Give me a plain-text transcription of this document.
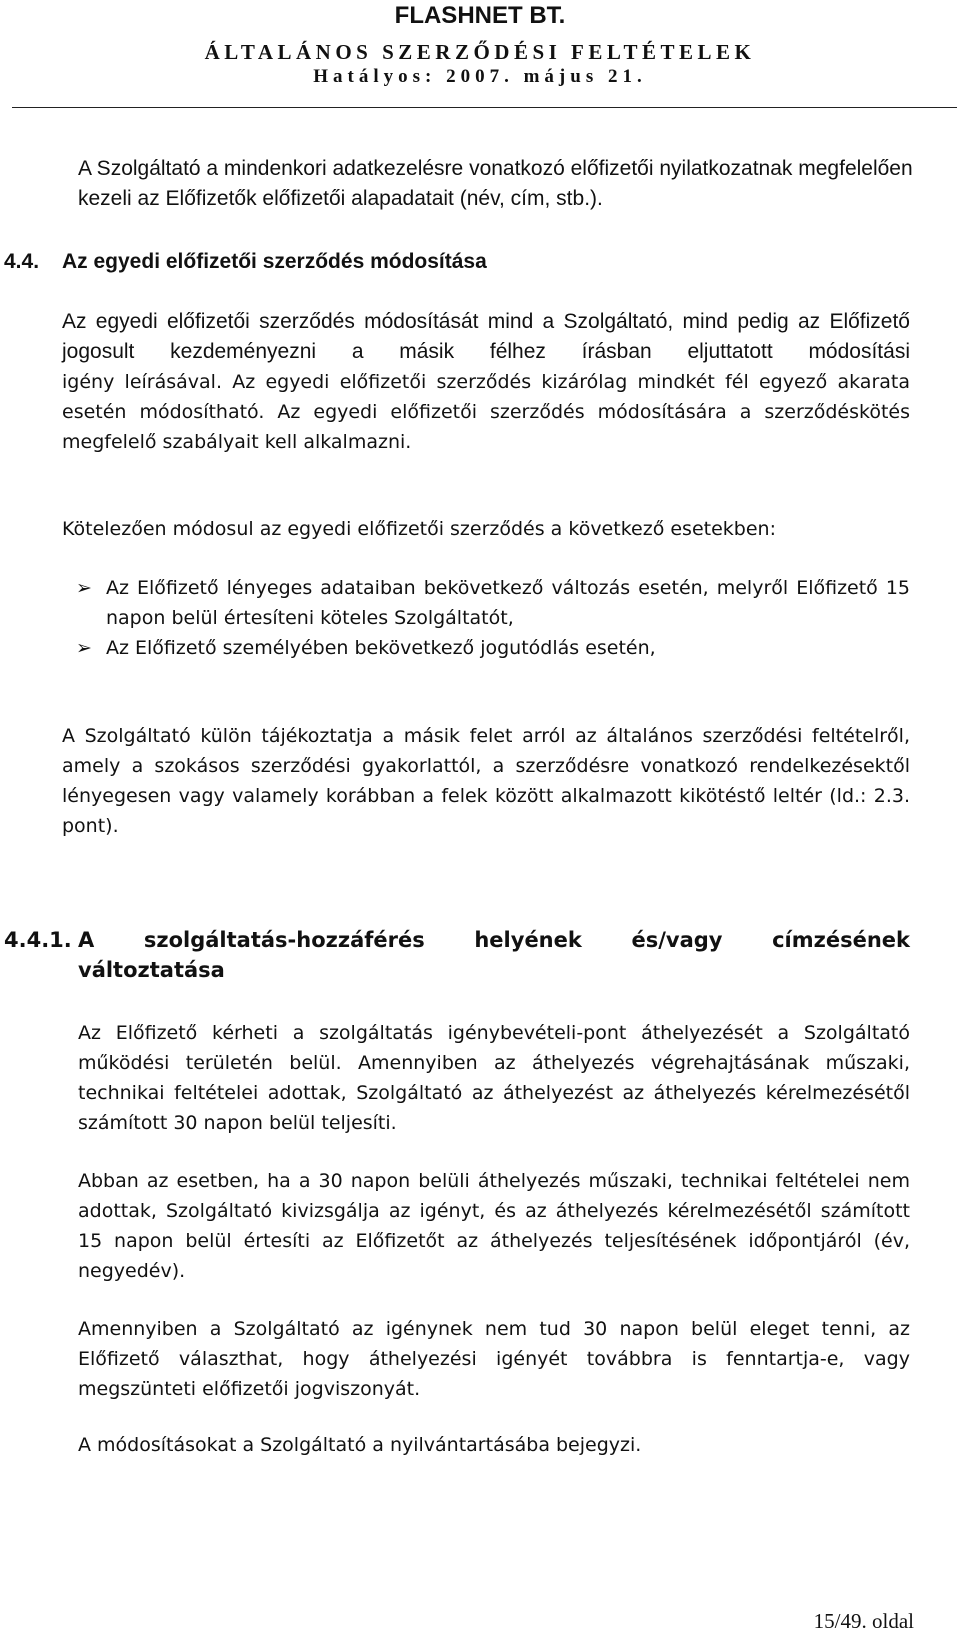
FLASHNET BT.
ÁLTALÁNOS SZERZŐDÉSI FELTÉTELEK
Hatályos: 2007. május 21.

A Szolgáltató a mindenkori adatkezelésre vonatkozó előfizetői nyilatkozatnak megfelelően kezeli az Előfizetők előfizetői alapadatait (név, cím, stb.).

4.4. Az egyedi előfizetői szerződés módosítása

Az egyedi előfizetői szerződés módosítását mind a Szolgáltató, mind pedig az Előfizető jogosult kezdeményezni a másik félhez írásban eljuttatott módosítási

igény leírásával. Az egyedi előfizetői szerződés kizárólag mindkét fél egyező akarata esetén módosítható. Az egyedi előfizetői szerződés módosítására a szerződéskötés megfelelő szabályait kell alkalmazni.

Kötelezően módosul az egyedi előfizetői szerződés a következő esetekben:

➢ Az Előfizető lényeges adataiban bekövetkező változás esetén, melyről Előfizető 15 napon belül értesíteni köteles Szolgáltatót,
➢ Az Előfizető személyében bekövetkező jogutódlás esetén,

A Szolgáltató külön tájékoztatja a másik felet arról az általános szerződési feltételről, amely a szokásos szerződési gyakorlattól, a szerződésre vonatkozó rendelkezésektől lényegesen vagy valamely korábban a felek között alkalmazott kikötéstő leltér (ld.: 2.3. pont).

4.4.1. A szolgáltatás-hozzáférés helyének és/vagy címzésének
változtatása

Az Előfizető kérheti a szolgáltatás igénybevételi-pont áthelyezését a Szolgáltató működési területén belül. Amennyiben az áthelyezés végrehajtásának műszaki, technikai feltételei adottak, Szolgáltató az áthelyezést az áthelyezés kérelmezésétől számított 30 napon belül teljesíti.

Abban az esetben, ha a 30 napon belüli áthelyezés műszaki, technikai feltételei nem adottak, Szolgáltató kivizsgálja az igényt, és az áthelyezés kérelmezésétől számított 15 napon belül értesíti az Előfizetőt az áthelyezés teljesítésének időpontjáról (év, negyedév).

Amennyiben a Szolgáltató az igénynek nem tud 30 napon belül eleget tenni, az Előfizető választhat, hogy áthelyezési igényét továbbra is fenntartja-e, vagy megszünteti előfizetői jogviszonyát.

A módosításokat a Szolgáltató a nyilvántartásába bejegyzi.

15/49. oldal
